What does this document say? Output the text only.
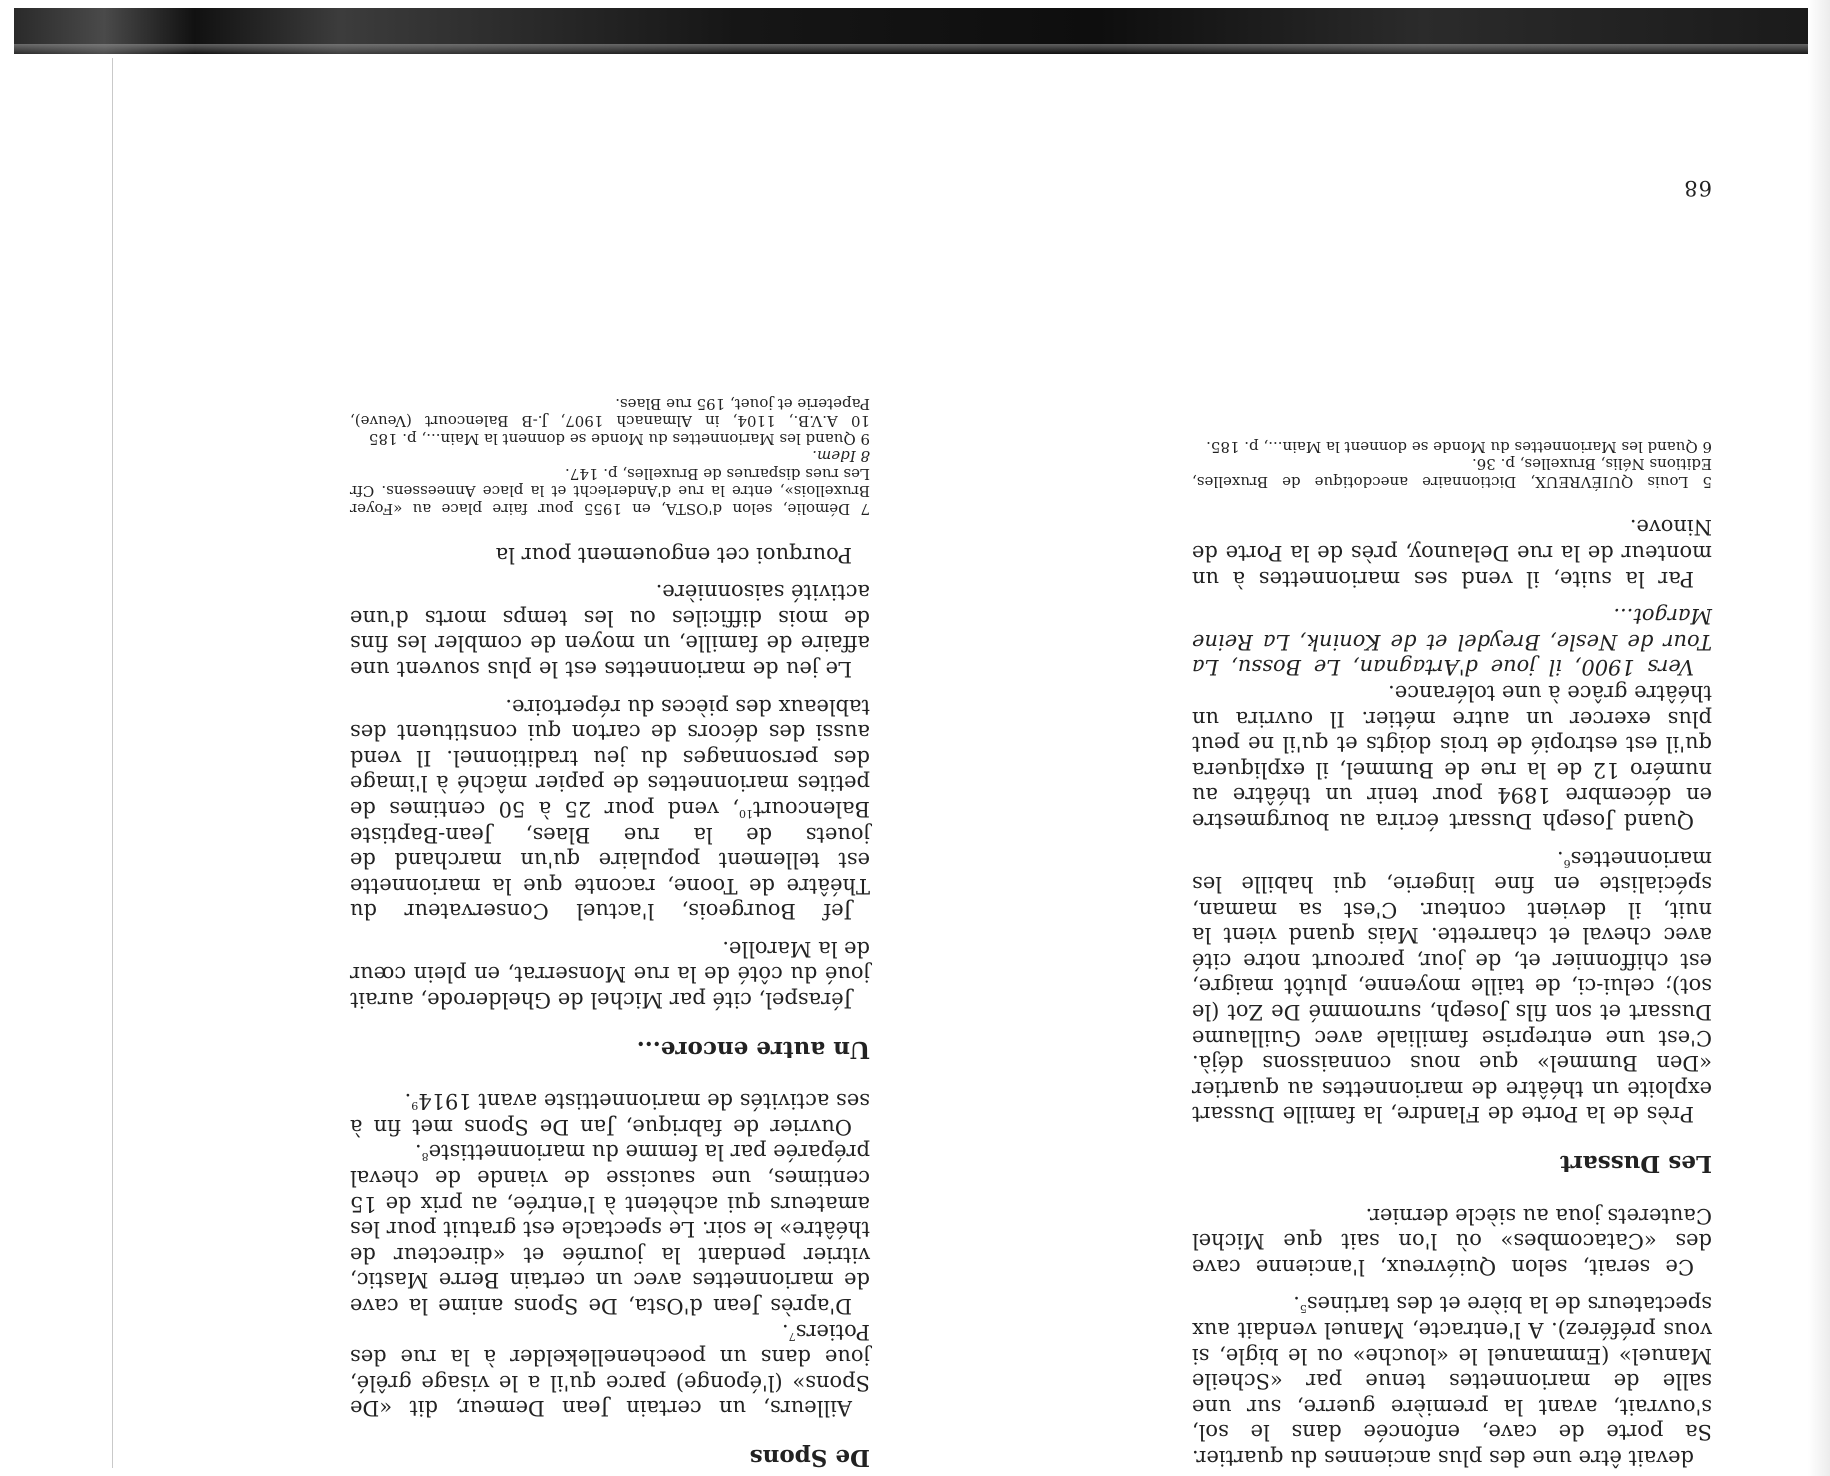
devait être une des plus anciennes du quartier. Sa porte de cave, enfoncée dans le sol, s'ouvrait, avant la première guerre, sur une salle de marionnettes tenue par «Scheile Manuel» (Emmanuel le «louche» ou le bigle, si vous préférez). A l'entracte, Manuel vendait aux spectateurs de la bière et des tartines$^5$.

Ce serait, selon Quiévreux, l'ancienne cave des «Catacombes» où l'on sait que Michel Cauterets joua au siècle dernier.

Les Dussart

Près de la Porte de Flandre, la famille Dussart exploite un théâtre de marionnettes au quartier «Den Bummel» que nous connaissons déjà. C'est une entreprise familiale avec Guillaume Dussart et son fils Joseph, surnommé De Zot (le sot); celui-ci, de taille moyenne, plutôt maigre, est chiffonnier et, de jour, parcourt notre cité avec cheval et charrette. Mais quand vient la nuit, il devient conteur. C'est sa maman, spécialiste en fine lingerie, qui habille les marionnettes$^6$.

Quand Joseph Dussart écrira au bourgmestre en décembre 1894 pour tenir un théâtre au numéro 12 de la rue de Bummel, il expliquera qu'il est estropié de trois doigts et qu'il ne peut plus exercer un autre métier. Il ouvrira un théâtre grâce à une tolérance.

Vers 1900, il joue d'Artagnan, Le Bossu, La Tour de Nesle, Breydel et de Konink, La Reine Margot...

Par la suite, il vend ses marionnettes à un monteur de la rue Delaunoy, près de la Porte de Ninove.

5 Louis QUIÉVREUX, Dictionnaire anecdotique de Bruxelles, Editions Nélis, Bruxelles, p. 36.

6 Quand les Marionnettes du Monde se donnent la Main..., p. 185.

De Spons

Ailleurs, un certain Jean Demeur, dit «De Spons» (l'éponge) parce qu'il a le visage grêlé, joue dans un poechenellekelder à la rue des Potiers$^7$.

D'après Jean d'Osta, De Spons anime la cave de marionnettes avec un certain Berre Mastic, vitrier pendant la journée et «directeur de théâtre» le soir. Le spectacle est gratuit pour les amateurs qui achètent à l'entrée, au prix de 15 centimes, une saucisse de viande de cheval préparée par la femme du marionnettiste$^8$.

Ouvrier de fabrique, Jan De Spons met fin à ses activités de marionnettiste avant 1914$^9$.

Un autre encore...

Jéraspel, cité par Michel de Ghelderode, aurait joué du côté de la rue Monserrat, en plein cœur de la Marolle.

Jef Bourgeois, l'actuel Conservateur du Théâtre de Toone, raconte que la marionnette est tellement populaire qu'un marchand de jouets de la rue Blaes, Jean-Baptiste Balencourt$^{10}$, vend pour 25 à 50 centimes de petites marionnettes de papier mâché à l'image des personnages du jeu traditionnel. Il vend aussi des décors de carton qui constituent des tableaux des pièces du répertoire.

Le jeu de marionnettes est le plus souvent une affaire de famille, un moyen de combler les fins de mois difficiles ou les temps morts d'une activité saisonnière.

Pourquoi cet engouement pour la

7 Démolie, selon d'OSTA, en 1955 pour faire place au «Foyer Bruxellois», entre la rue d'Anderlecht et la place Anneessens. Cfr Les rues disparues de Bruxelles, p. 147.

8 Idem.

9 Quand les Marionnettes du Monde se donnent la Main..., p. 185

10 A.V.B., 1104, in Almanach 1907, J.-B Balencourt (Veuve), Papeterie et jouet, 195 rue Blaes.

68
